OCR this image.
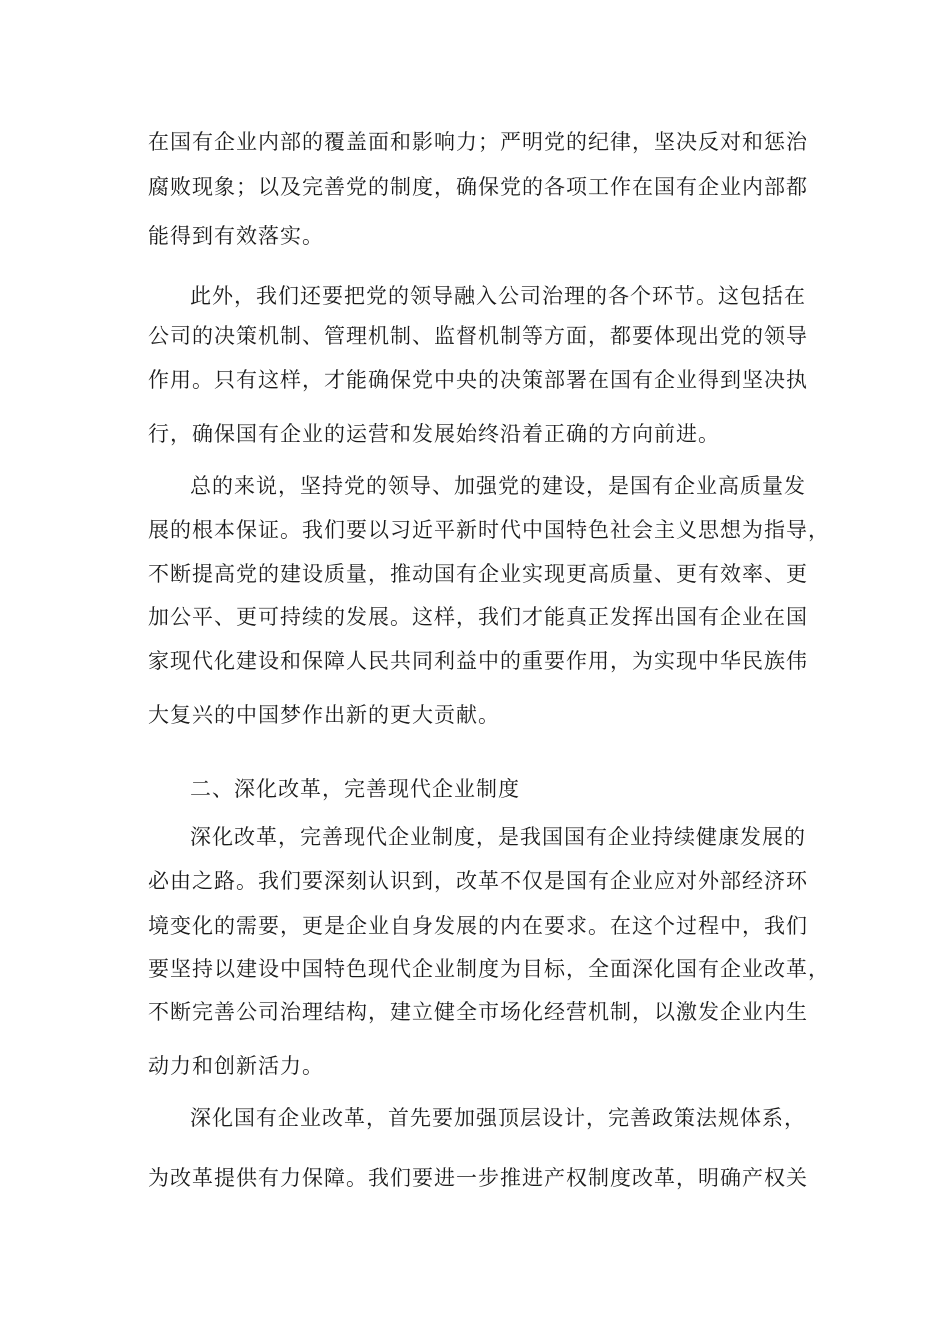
在国有企业内部的覆盖面和影响力；严明党的纪律，坚决反对和惩治

腐败现象；以及完善党的制度，确保党的各项工作在国有企业内部都

能得到有效落实。

此外，我们还要把党的领导融入公司治理的各个环节。这包括在

公司的决策机制、管理机制、监督机制等方面，都要体现出党的领导

作用。只有这样，才能确保党中央的决策部署在国有企业得到坚决执

行，确保国有企业的运营和发展始终沿着正确的方向前进。

总的来说，坚持党的领导、加强党的建设，是国有企业高质量发

展的根本保证。我们要以习近平新时代中国特色社会主义思想为指导，

不断提高党的建设质量，推动国有企业实现更高质量、更有效率、更

加公平、更可持续的发展。这样，我们才能真正发挥出国有企业在国

家现代化建设和保障人民共同利益中的重要作用，为实现中华民族伟

大复兴的中国梦作出新的更大贡献。

二、深化改革，完善现代企业制度

深化改革，完善现代企业制度，是我国国有企业持续健康发展的

必由之路。我们要深刻认识到，改革不仅是国有企业应对外部经济环

境变化的需要，更是企业自身发展的内在要求。在这个过程中，我们

要坚持以建设中国特色现代企业制度为目标，全面深化国有企业改革，

不断完善公司治理结构，建立健全市场化经营机制，以激发企业内生

动力和创新活力。

深化国有企业改革，首先要加强顶层设计，完善政策法规体系，

为改革提供有力保障。我们要进一步推进产权制度改革，明确产权关
